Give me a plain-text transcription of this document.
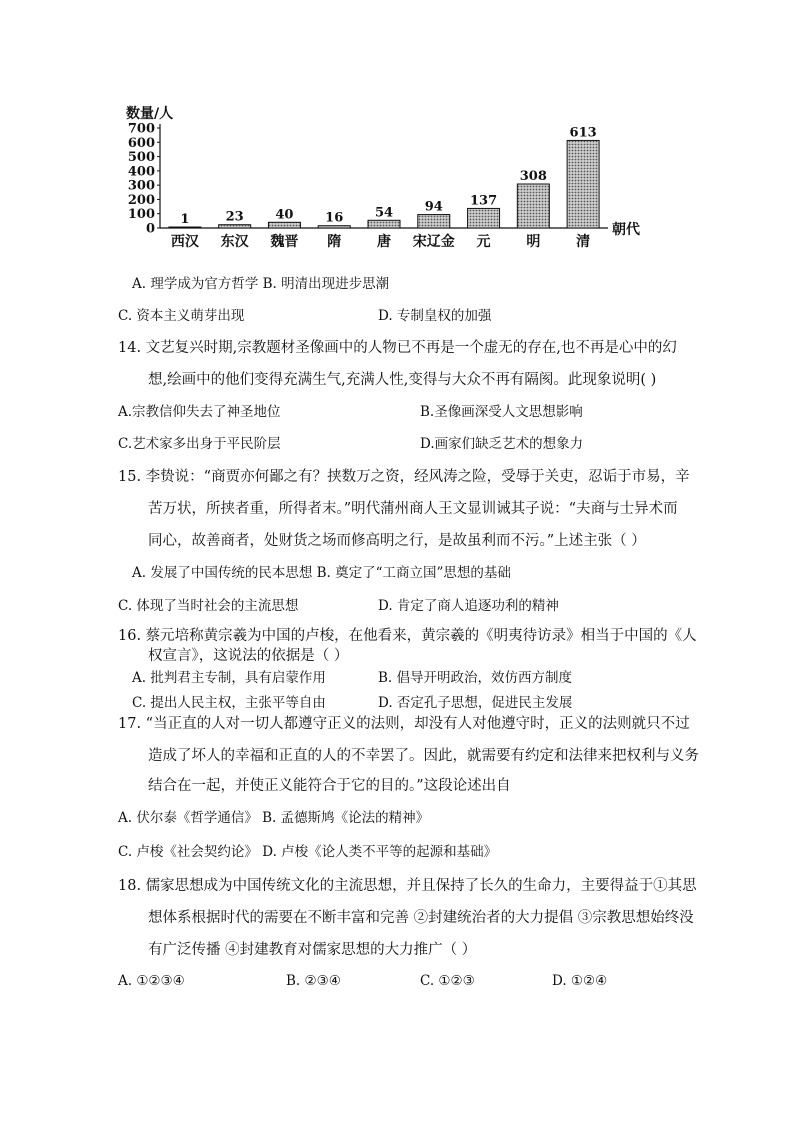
数量/人
0
100
200
300
400
500
600
700
1
西汉
23
东汉
40
魏晋
16
隋
54
唐
94
宋辽金
137
元
308
明
613
清
朝代
A. 理学成为官方哲学 B. 明清出现进步思潮
C. 资本主义萌芽出现	D. 专制皇权的加强
14. 文艺复兴时期,宗教题材圣像画中的人物已不再是一个虚无的存在,也不再是心中的幻
想,绘画中的他们变得充满生气,充满人性,变得与大众不再有隔阂。此现象说明( )
A.宗教信仰失去了神圣地位	B.圣像画深受人文思想影响
C.艺术家多出身于平民阶层	D.画家们缺乏艺术的想象力
15. 李贽说：“商贾亦何鄙之有？挟数万之资，经风涛之险，受辱于关吏，忍诟于市易，辛
苦万状，所挟者重，所得者末。”明代蒲州商人王文显训诫其子说：“夫商与士异术而
同心，故善商者，处财货之场而修高明之行，是故虽利而不污。”上述主张（ ）
A. 发展了中国传统的民本思想 B. 奠定了“工商立国”思想的基础
C. 体现了当时社会的主流思想	D. 肯定了商人追逐功利的精神
16. 蔡元培称黄宗羲为中国的卢梭，在他看来，黄宗羲的《明夷待访录》相当于中国的《人
权宣言》，这说法的依据是（ ）
A. 批判君主专制，具有启蒙作用	B. 倡导开明政治，效仿西方制度
C. 提出人民主权，主张平等自由	D. 否定孔子思想，促进民主发展
17. “当正直的人对一切人都遵守正义的法则，却没有人对他遵守时，正义的法则就只不过
造成了坏人的幸福和正直的人的不幸罢了。因此，就需要有约定和法律来把权利与义务
结合在一起，并使正义能符合于它的目的。”这段论述出自
A. 伏尔泰《哲学通信》 B. 孟德斯鸠《论法的精神》
C. 卢梭《社会契约论》 D. 卢梭《论人类不平等的起源和基础》
18. 儒家思想成为中国传统文化的主流思想，并且保持了长久的生命力，主要得益于①其思
想体系根据时代的需要在不断丰富和完善 ②封建统治者的大力提倡 ③宗教思想始终没
有广泛传播 ④封建教育对儒家思想的大力推广（ ）
A. ①②③④	B. ②③④	C. ①②③	D. ①②④
